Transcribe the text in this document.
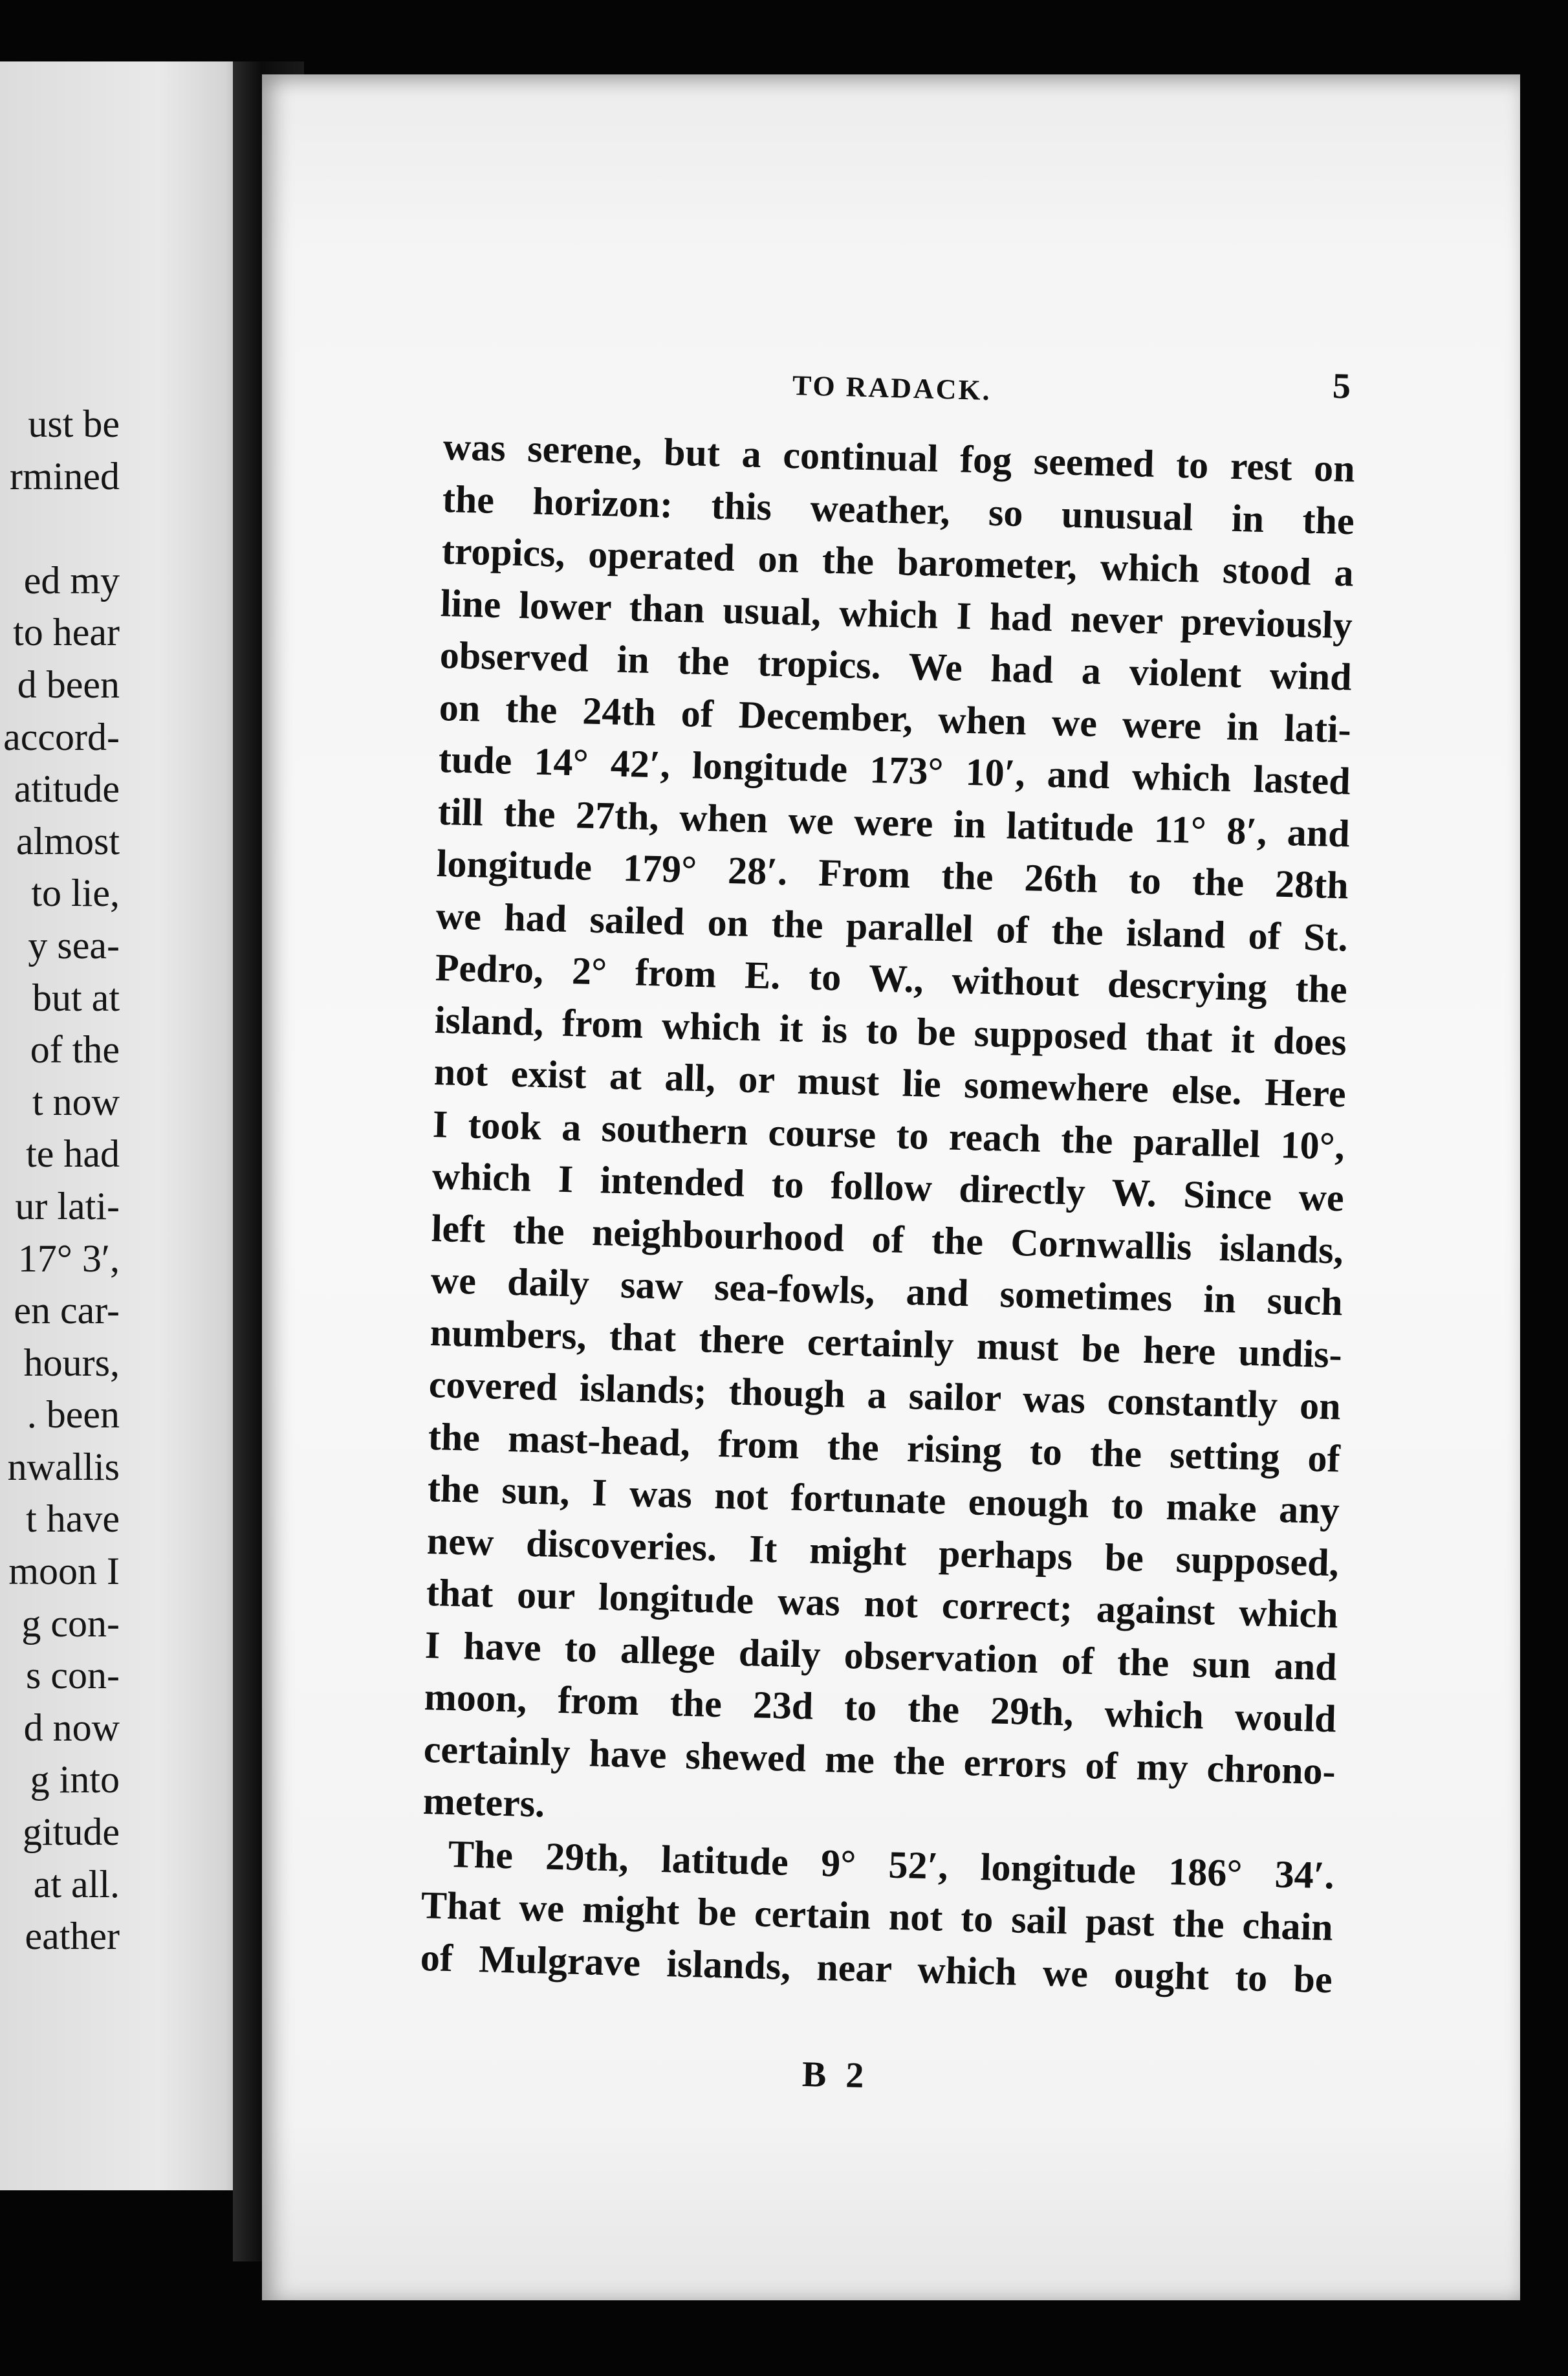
ust be
rmined
ed my
to hear
d been
accord-
atitude
almost
to lie,
y sea-
but at
of the
t now
te had
ur lati-
17° 3′,
en car-
hours,
. been
nwallis
t have
moon I
g con-
s con-
d now
g into
gitude
at all.
eather
TO RADACK.	5
was serene, but a continual fog seemed to rest on
the horizon: this weather, so unusual in the
tropics, operated on the barometer, which stood a
line lower than usual, which I had never previously
observed in the tropics. We had a violent wind
on the 24th of December, when we were in lati-
tude 14° 42′, longitude 173° 10′, and which lasted
till the 27th, when we were in latitude 11° 8′, and
longitude 179° 28′. From the 26th to the 28th
we had sailed on the parallel of the island of St.
Pedro, 2° from E. to W., without descrying the
island, from which it is to be supposed that it does
not exist at all, or must lie somewhere else. Here
I took a southern course to reach the parallel 10°,
which I intended to follow directly W. Since we
left the neighbourhood of the Cornwallis islands,
we daily saw sea-fowls, and sometimes in such
numbers, that there certainly must be here undis-
covered islands; though a sailor was constantly on
the mast-head, from the rising to the setting of
the sun, I was not fortunate enough to make any
new discoveries. It might perhaps be supposed,
that our longitude was not correct; against which
I have to allege daily observation of the sun and
moon, from the 23d to the 29th, which would
certainly have shewed me the errors of my chrono-
meters.
The 29th, latitude 9° 52′, longitude 186° 34′.
That we might be certain not to sail past the chain
of Mulgrave islands, near which we ought to be
B 2
